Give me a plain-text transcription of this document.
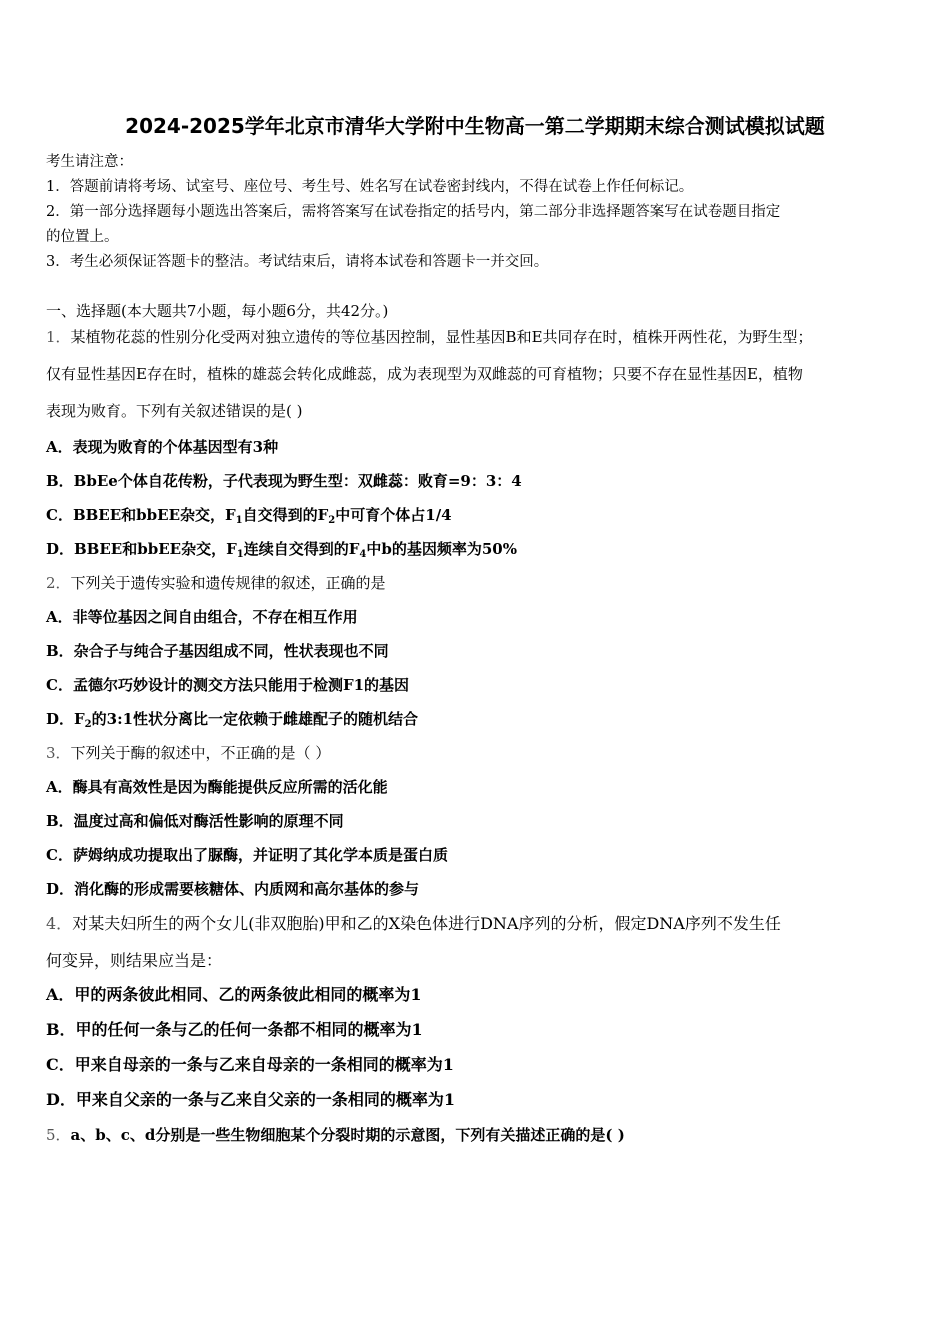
2024-2025学年北京市清华大学附中生物高一第二学期期末综合测试模拟试题
考生请注意：
1．答题前请将考场、试室号、座位号、考生号、姓名写在试卷密封线内，不得在试卷上作任何标记。
2．第一部分选择题每小题选出答案后，需将答案写在试卷指定的括号内，第二部分非选择题答案写在试卷题目指定
的位置上。
3．考生必须保证答题卡的整洁。考试结束后，请将本试卷和答题卡一并交回。
一、选择题(本大题共7小题，每小题6分，共42分。)
1．某植物花蕊的性别分化受两对独立遗传的等位基因控制，显性基因B和E共同存在时，植株开两性花，为野生型；
仅有显性基因E存在时，植株的雄蕊会转化成雌蕊，成为表现型为双雌蕊的可育植物；只要不存在显性基因E，植物
表现为败育。下列有关叙述错误的是( )
A．表现为败育的个体基因型有3种
B．BbEe个体自花传粉，子代表现为野生型：双雌蕊：败育=9：3：4
C．BBEE和bbEE杂交，$F_1$自交得到的$F_2$中可育个体占1/4
D．BBEE和bbEE杂交，$F_1$连续自交得到的$F_4$中b的基因频率为50%
2．下列关于遗传实验和遗传规律的叙述，正确的是
A．非等位基因之间自由组合，不存在相互作用
B．杂合子与纯合子基因组成不同，性状表现也不同
C．孟德尔巧妙设计的测交方法只能用于检测F1的基因
D．$F_2$的3:1性状分离比一定依赖于雌雄配子的随机结合
3．下列关于酶的叙述中，不正确的是（ ）
A．酶具有高效性是因为酶能提供反应所需的活化能
B．温度过高和偏低对酶活性影响的原理不同
C．萨姆纳成功提取出了脲酶，并证明了其化学本质是蛋白质
D．消化酶的形成需要核糖体、内质网和高尔基体的参与
4．对某夫妇所生的两个女儿(非双胞胎)甲和乙的X染色体进行DNA序列的分析，假定DNA序列不发生任
何变异，则结果应当是：
A．甲的两条彼此相同、乙的两条彼此相同的概率为1
B．甲的任何一条与乙的任何一条都不相同的概率为1
C．甲来自母亲的一条与乙来自母亲的一条相同的概率为1
D．甲来自父亲的一条与乙来自父亲的一条相同的概率为1
5．a、b、c、d分别是一些生物细胞某个分裂时期的示意图，下列有关描述正确的是( )
